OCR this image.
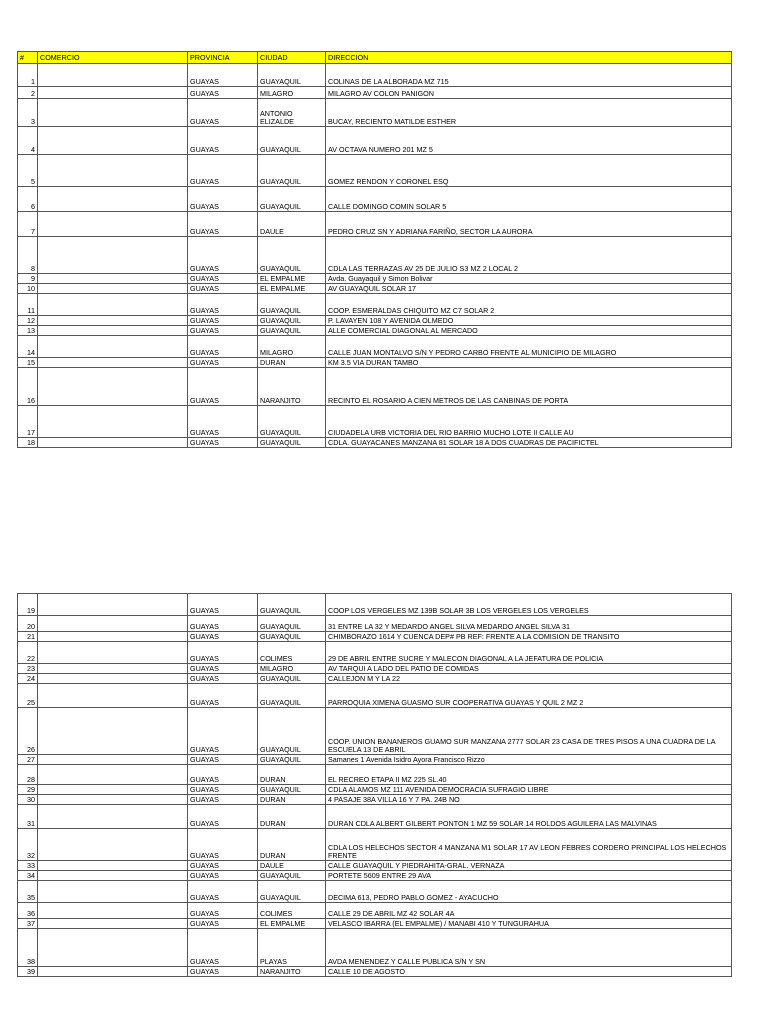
#	COMERCIO	PROVINCIA	CIUDAD	DIRECCION
1		GUAYAS	GUAYAQUIL	COLINAS DE LA ALBORADA MZ 715
2		GUAYAS	MILAGRO	MILAGRO AV COLON PANIGON
3		GUAYAS	ANTONIO ELIZALDE	BUCAY, RECIENTO MATILDE ESTHER
4		GUAYAS	GUAYAQUIL	AV OCTAVA NUMERO 201 MZ 5
5		GUAYAS	GUAYAQUIL	GOMEZ RENDON Y CORONEL ESQ
6		GUAYAS	GUAYAQUIL	CALLE DOMINGO COMIN SOLAR 5
7		GUAYAS	DAULE	PEDRO CRUZ SN Y ADRIANA FARIÑO, SECTOR LA AURORA
8		GUAYAS	GUAYAQUIL	CDLA LAS TERRAZAS AV 25 DE JULIO S3 MZ 2 LOCAL 2
9		GUAYAS	EL EMPALME	Avda. Guayaquil y Simon Bolivar
10		GUAYAS	EL EMPALME	AV GUAYAQUIL SOLAR 17
11		GUAYAS	GUAYAQUIL	COOP. ESMERALDAS CHIQUITO MZ C7 SOLAR 2
12		GUAYAS	GUAYAQUIL	P. LAVAYEN 108 Y AVENIDA OLMEDO
13		GUAYAS	GUAYAQUIL	ALLE COMERCIAL DIAGONAL AL MERCADO
14		GUAYAS	MILAGRO	CALLE JUAN MONTALVO S/N Y PEDRO CARBO FRENTE AL MUNICIPIO DE MILAGRO
15		GUAYAS	DURAN	KM 3.5 VIA DURAN TAMBO
16		GUAYAS	NARANJITO	RECINTO EL ROSARIO A CIEN METROS DE LAS CANBINAS DE PORTA
17		GUAYAS	GUAYAQUIL	CIUDADELA URB VICTORIA DEL RIO BARRIO MUCHO LOTE II CALLE AU
18		GUAYAS	GUAYAQUIL	CDLA. GUAYACANES MANZANA 81 SOLAR 18 A DOS CUADRAS DE PACIFICTEL
19		GUAYAS	GUAYAQUIL	COOP LOS VERGELES MZ 139B SOLAR 3B LOS VERGELES LOS VERGELES
20		GUAYAS	GUAYAQUIL	31 ENTRE LA 32 Y MEDARDO ANGEL SILVA MEDARDO ANGEL SILVA 31
21		GUAYAS	GUAYAQUIL	CHIMBORAZO 1614 Y CUENCA DEP# PB REF: FRENTE A LA COMISION DE TRANSITO
22		GUAYAS	COLIMES	29 DE ABRIL ENTRE SUCRE Y MALECON DIAGONAL A LA JEFATURA DE POLICIA
23		GUAYAS	MILAGRO	AV TARQUI A LADO DEL PATIO DE COMIDAS
24		GUAYAS	GUAYAQUIL	CALLEJON M Y LA 22
25		GUAYAS	GUAYAQUIL	PARROQUIA XIMENA GUASMO SUR COOPERATIVA GUAYAS Y QUIL 2 MZ 2
26		GUAYAS	GUAYAQUIL	COOP. UNION BANANEROS GUAMO SUR MANZANA 2777 SOLAR 23 CASA DE TRES PISOS A UNA CUADRA DE LA ESCUELA 13 DE ABRIL
27		GUAYAS	GUAYAQUIL	Samanes 1 Avenida Isidro Ayora Francisco Rizzo
28		GUAYAS	DURAN	EL RECREO ETAPA II MZ 225 SL.40
29		GUAYAS	GUAYAQUIL	CDLA ALAMOS MZ 111 AVENIDA DEMOCRACIA SUFRAGIO LIBRE
30		GUAYAS	DURAN	4 PASAJE 38A VILLA 16 Y 7 PA. 24B NO
31		GUAYAS	DURAN	DURAN CDLA ALBERT GILBERT PONTON 1 MZ 59 SOLAR 14 ROLDOS AGUILERA LAS MALVINAS
32		GUAYAS	DURAN	CDLA LOS HELECHOS SECTOR 4 MANZANA M1 SOLAR 17 AV LEON FEBRES CORDERO PRINCIPAL LOS HELECHOS FRENTE
33		GUAYAS	DAULE	CALLE GUAYAQUIL Y PIEDRAHITA-GRAL. VERNAZA
34		GUAYAS	GUAYAQUIL	PORTETE 5609 ENTRE 29 AVA
35		GUAYAS	GUAYAQUIL	DECIMA 613, PEDRO PABLO GOMEZ - AYACUCHO
36		GUAYAS	COLIMES	CALLE 29 DE ABRIL MZ 42 SOLAR 4A
37		GUAYAS	EL EMPALME	VELASCO IBARRA (EL EMPALME) / MANABI 410 Y TUNGURAHUA
38		GUAYAS	PLAYAS	AVDA MENENDEZ Y CALLE PUBLICA S/N Y SN
39		GUAYAS	NARANJITO	CALLE 10 DE AGOSTO
